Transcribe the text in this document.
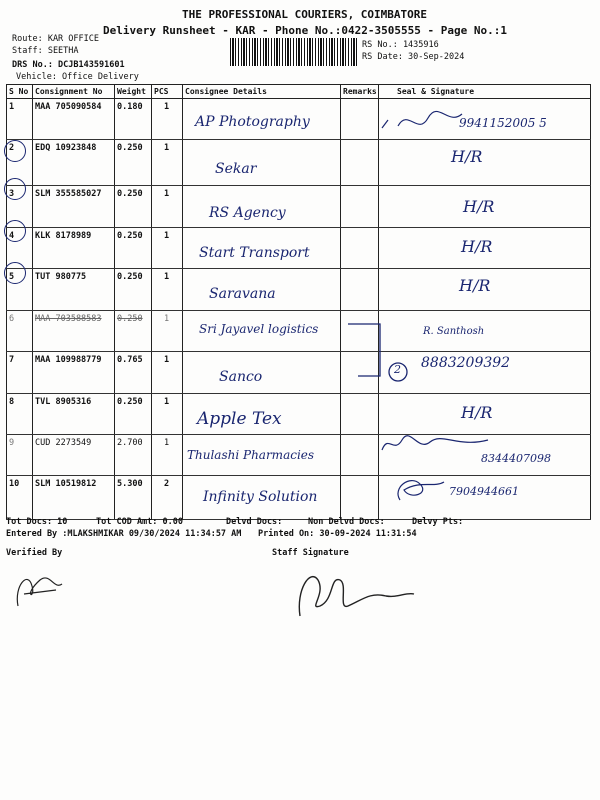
THE PROFESSIONAL COURIERS, COIMBATORE
Delivery Runsheet - KAR - Phone No.:0422-3505555 - Page No.:1
Route: KAR OFFICE
Staff: SEETHA
DRS No.: DCJB143591601
Vehicle: Office Delivery
RS No.: 1435916
RS Date: 30-Sep-2024
S No	Consignment No	Weight	PCS	Consignee Details	Remarks	Seal & Signature
1	MAA 705090584	0.180	1	AP Photography		9941152005 5

2	EDQ 10923848	0.250	1	Sekar		H/R

3	SLM 355585027	0.250	1	RS Agency		H/R

4	KLK 8178989	0.250	1	Start Transport		H/R

5	TUT 980775	0.250	1	Saravana		H/R

6	MAA 703588583	0.250	1	Sri Jayavel logistics		R. Santhosh

7	MAA 109988779	0.765	1	Sanco		8883209392

8	TVL 8905316	0.250	1	Apple Tex		H/R

9	CUD 2273549	2.700	1	Thulashi Pharmacies		8344407098

10	SLM 10519812	5.300	2	Infinity Solution		7904944661
2
Tot Docs: 10	Tot COD Amt: 0.00	Delvd Docs:	Non Delvd Docs:	Delvy Pts:
Entered By :MLAKSHMIKAR 09/30/2024 11:34:57 AM Printed On: 30-09-2024 11:31:54
Verified By	Staff Signature
